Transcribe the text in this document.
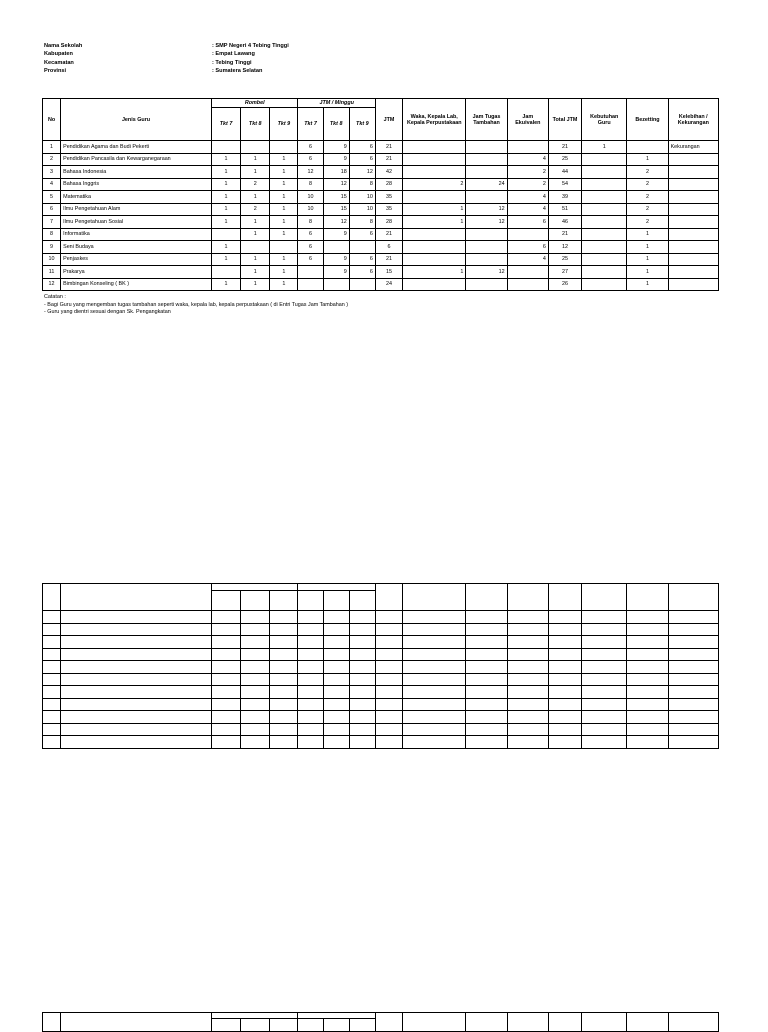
Nama Sekolah	: SMP Negeri 4 Tebing Tinggi
Kabupaten	: Empat Lawang
Kecamatan	: Tebing Tinggi
Provinsi	: Sumatera Selatan
No	Jenis Guru	Rombel			JTM / Minggu			JTM	Waka, Kepala Lab, Kepala Perpustakaan	Jam Tugas Tambahan	Jam Ekuivalen	Total JTM	Kebutuhan Guru	Bezetting	Kelebihan / Kekurangan
		Tkt 7	Tkt 8	Tkt 9	Tkt 7	Tkt 8	Tkt 9								
1	Pendidikan Agama dan Budi Pekerti				6	9	6	21				21	1		Kekurangan
2	Pendidikan Pancasila dan Kewarganegaraan	1	1	1	6	9	6	21			4	25		1	
3	Bahasa Indonesia	1	1	1	12	18	12	42			2	44		2	
4	Bahasa Inggris	1	2	1	8	12	8	28	2	24	2	54		2	
5	Matematika	1	1	1	10	15	10	35			4	39		2	
6	Ilmu Pengetahuan Alam	1	2	1	10	15	10	35	1	12	4	51		2	
7	Ilmu Pengetahuan Sosial	1	1	1	8	12	8	28	1	12	6	46		2	
8	Informatika		1	1	6	9	6	21				21		1	
9	Seni Budaya	1			6			6			6	12		1	
10	Penjaskes	1	1	1	6	9	6	21			4	25		1	
11	Prakarya		1	1		9	6	15	1	12		27		1	
12	Bimbingan Konseling ( BK )	1	1	1				24				26		1	
Catatan :
- Bagi Guru yang mengemban tugas tambahan seperti waka, kepala lab, kepala perpustakaan ( di Entri Tugas Jam Tambahan )
- Guru yang dientri sesuai dengan Sk. Pengangkatan
